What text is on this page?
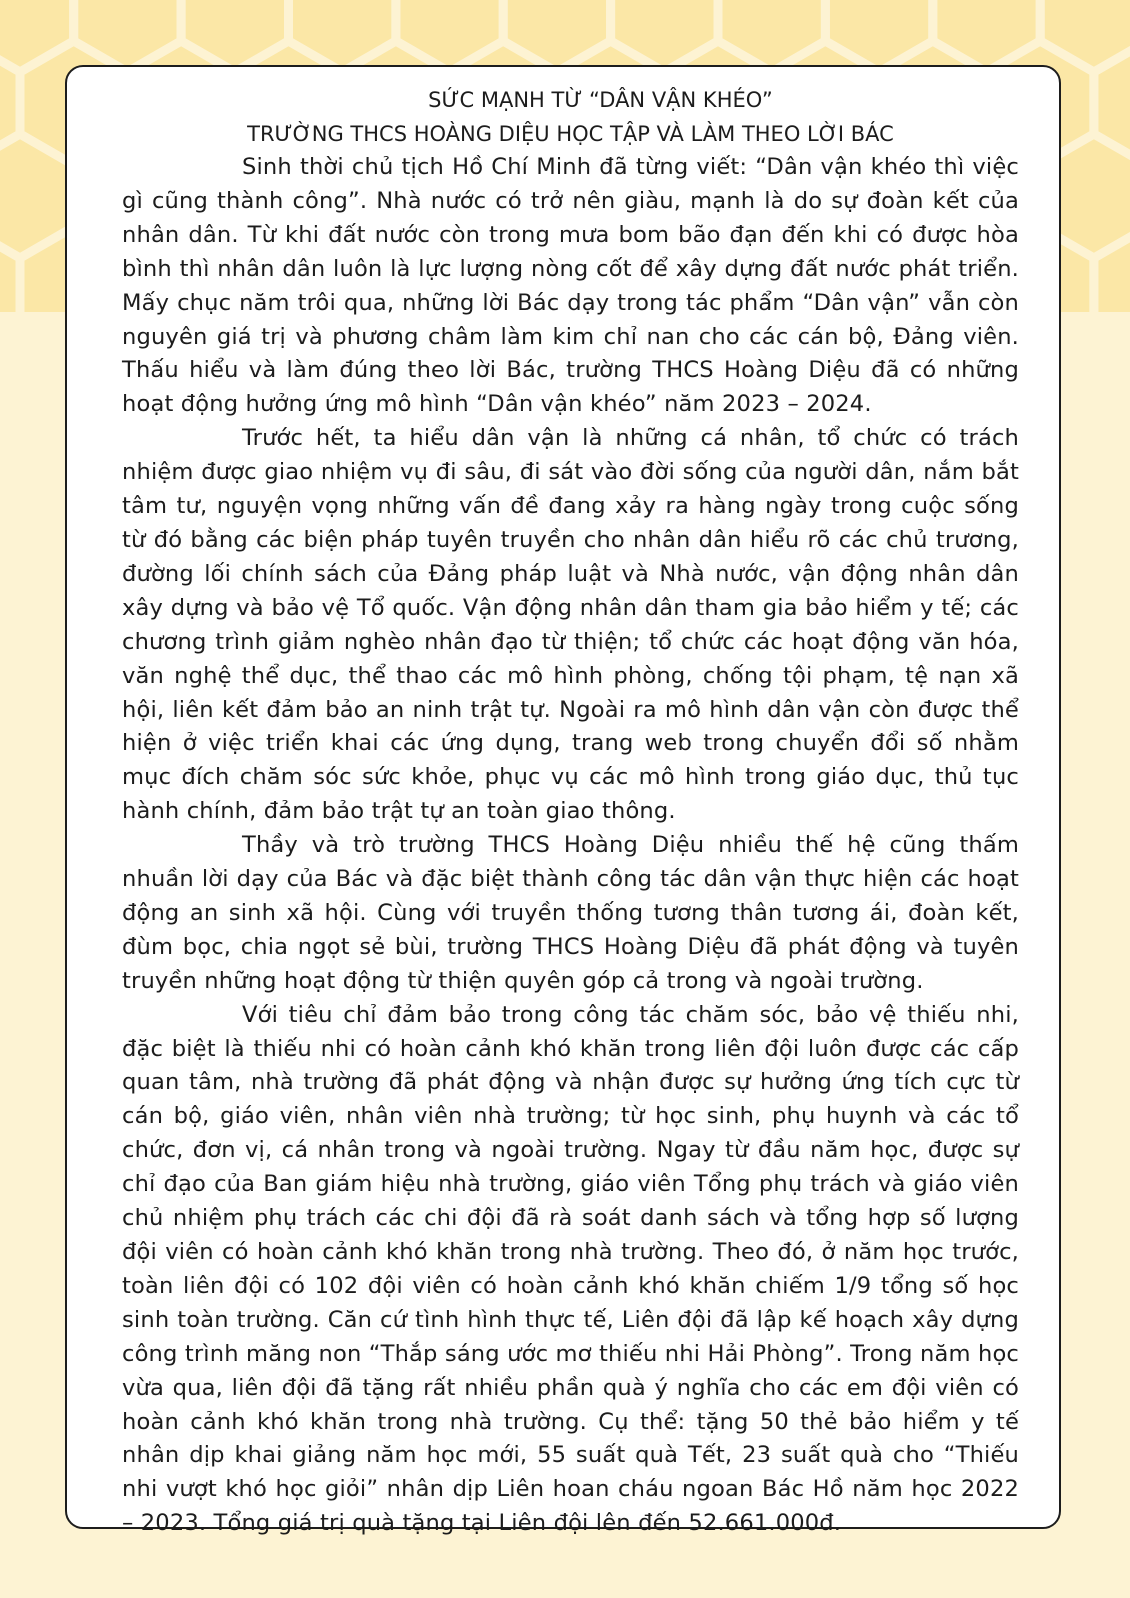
SỨC MẠNH TỪ “DÂN VẬN KHÉO”
TRƯỜNG THCS HOÀNG DIỆU HỌC TẬP VÀ LÀM THEO LỜI BÁC

Sinh thời chủ tịch Hồ Chí Minh đã từng viết: “Dân vận khéo thì việc gì cũng thành công”. Nhà nước có trở nên giàu, mạnh là do sự đoàn kết của nhân dân. Từ khi đất nước còn trong mưa bom bão đạn đến khi có được hòa bình thì nhân dân luôn là lực lượng nòng cốt để xây dựng đất nước phát triển. Mấy chục năm trôi qua, những lời Bác dạy trong tác phẩm “Dân vận” vẫn còn nguyên giá trị và phương châm làm kim chỉ nan cho các cán bộ, Đảng viên. Thấu hiểu và làm đúng theo lời Bác, trường THCS Hoàng Diệu đã có những hoạt động hưởng ứng mô hình “Dân vận khéo” năm 2023 – 2024.

Trước hết, ta hiểu dân vận là những cá nhân, tổ chức có trách nhiệm được giao nhiệm vụ đi sâu, đi sát vào đời sống của người dân, nắm bắt tâm tư, nguyện vọng những vấn đề đang xảy ra hàng ngày trong cuộc sống từ đó bằng các biện pháp tuyên truyền cho nhân dân hiểu rõ các chủ trương, đường lối chính sách của Đảng pháp luật và Nhà nước, vận động nhân dân xây dựng và bảo vệ Tổ quốc. Vận động nhân dân tham gia bảo hiểm y tế; các chương trình giảm nghèo nhân đạo từ thiện; tổ chức các hoạt động văn hóa, văn nghệ thể dục, thể thao các mô hình phòng, chống tội phạm, tệ nạn xã hội, liên kết đảm bảo an ninh trật tự. Ngoài ra mô hình dân vận còn được thể hiện ở việc triển khai các ứng dụng, trang web trong chuyển đổi số nhằm mục đích chăm sóc sức khỏe, phục vụ các mô hình trong giáo dục, thủ tục hành chính, đảm bảo trật tự an toàn giao thông.

Thầy và trò trường THCS Hoàng Diệu nhiều thế hệ cũng thấm nhuần lời dạy của Bác và đặc biệt thành công tác dân vận thực hiện các hoạt động an sinh xã hội. Cùng với truyền thống tương thân tương ái, đoàn kết, đùm bọc, chia ngọt sẻ bùi, trường THCS Hoàng Diệu đã phát động và tuyên truyền những hoạt động từ thiện quyên góp cả trong và ngoài trường.

Với tiêu chỉ đảm bảo trong công tác chăm sóc, bảo vệ thiếu nhi, đặc biệt là thiếu nhi có hoàn cảnh khó khăn trong liên đội luôn được các cấp quan tâm, nhà trường đã phát động và nhận được sự hưởng ứng tích cực từ cán bộ, giáo viên, nhân viên nhà trường; từ học sinh, phụ huynh và các tổ chức, đơn vị, cá nhân trong và ngoài trường. Ngay từ đầu năm học, được sự chỉ đạo của Ban giám hiệu nhà trường, giáo viên Tổng phụ trách và giáo viên chủ nhiệm phụ trách các chi đội đã rà soát danh sách và tổng hợp số lượng đội viên có hoàn cảnh khó khăn trong nhà trường. Theo đó, ở năm học trước, toàn liên đội có 102 đội viên có hoàn cảnh khó khăn chiếm 1/9 tổng số học sinh toàn trường. Căn cứ tình hình thực tế, Liên đội đã lập kế hoạch xây dựng công trình măng non “Thắp sáng ước mơ thiếu nhi Hải Phòng”. Trong năm học vừa qua, liên đội đã tặng rất nhiều phần quà ý nghĩa cho các em đội viên có hoàn cảnh khó khăn trong nhà trường. Cụ thể: tặng 50 thẻ bảo hiểm y tế nhân dịp khai giảng năm học mới, 55 suất quà Tết, 23 suất quà cho “Thiếu nhi vượt khó học giỏi” nhân dịp Liên hoan cháu ngoan Bác Hồ năm học 2022 – 2023. Tổng giá trị quà tặng tại Liên đội lên đến 52.661.000đ.
